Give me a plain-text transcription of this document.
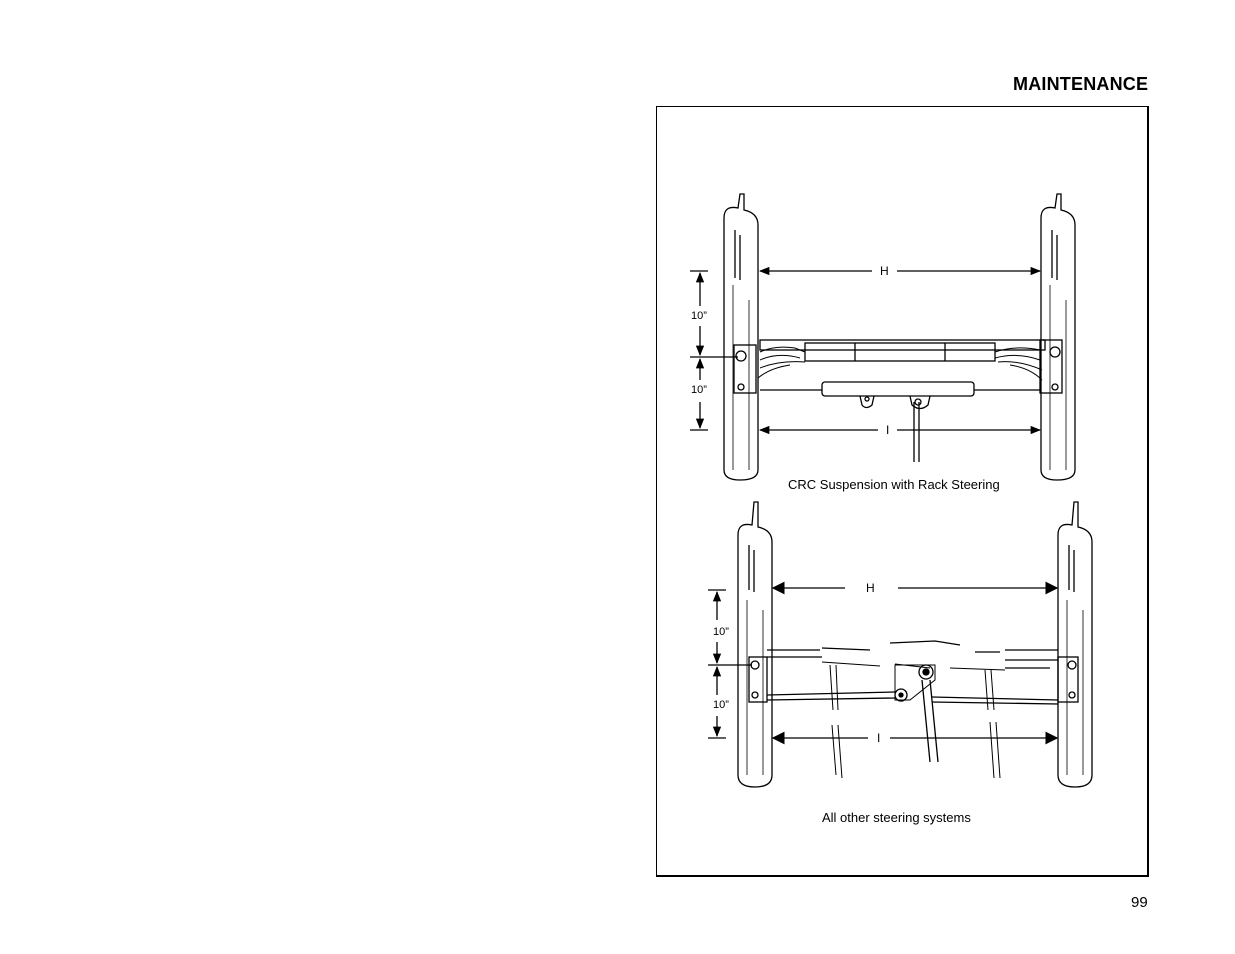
MAINTENANCE
H
I
10”
10”
CRC Suspension with Rack Steering
H
I
10”
10”
All other steering systems
99
